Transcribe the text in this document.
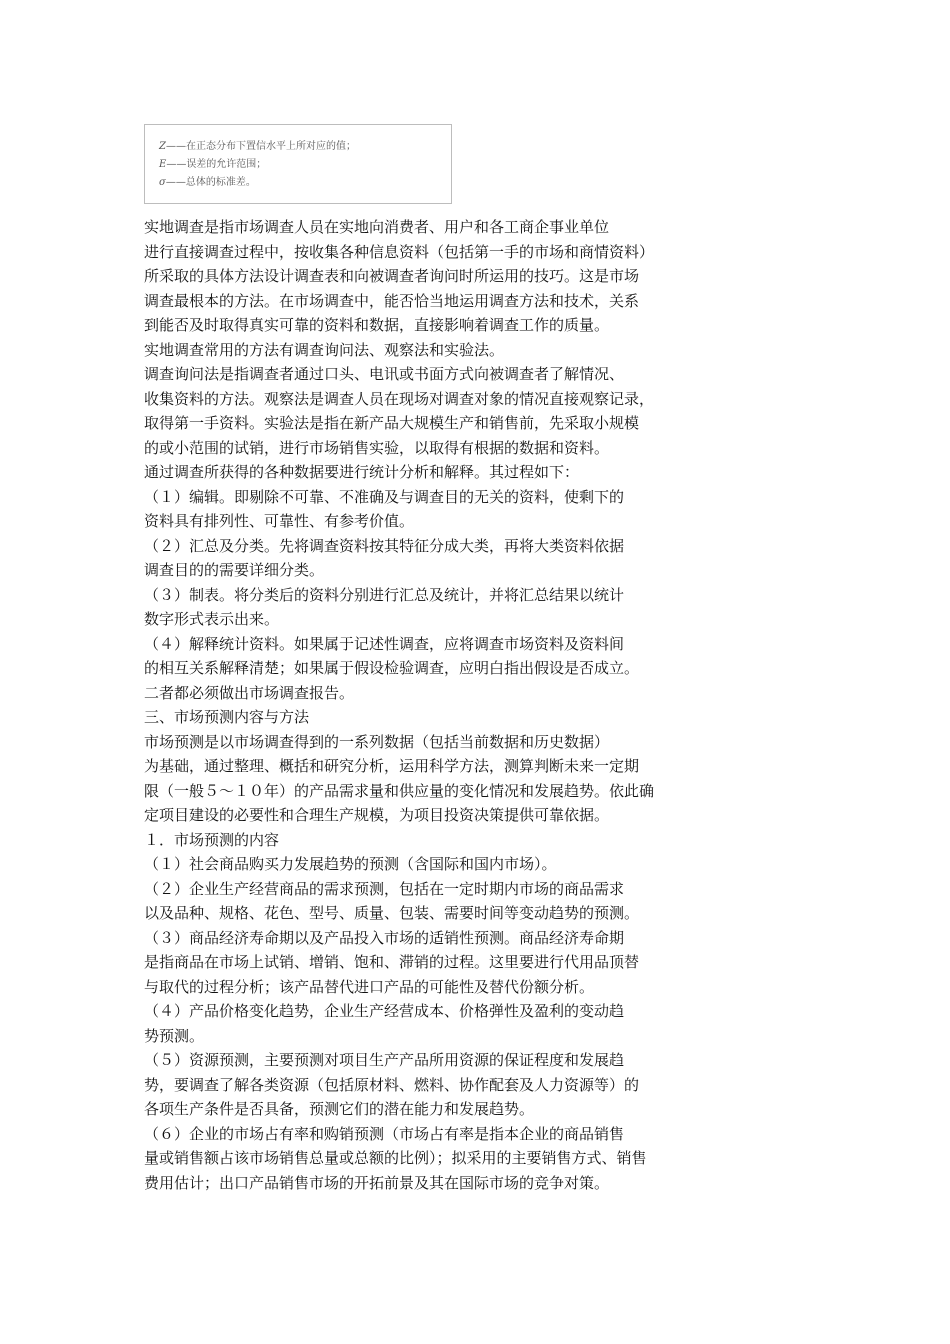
Z——在正态分布下置信水平上所对应的值；
E——误差的允许范围；
σ——总体的标准差。
实地调查是指市场调查人员在实地向消费者、用户和各工商企事业单位
进行直接调查过程中，按收集各种信息资料（包括第一手的市场和商情资料）
所采取的具体方法设计调查表和向被调查者询问时所运用的技巧。这是市场
调查最根本的方法。在市场调查中，能否恰当地运用调查方法和技术，关系
到能否及时取得真实可靠的资料和数据，直接影响着调查工作的质量。
实地调查常用的方法有调查询问法、观察法和实验法。
调查询问法是指调查者通过口头、电讯或书面方式向被调查者了解情况、
收集资料的方法。观察法是调查人员在现场对调查对象的情况直接观察记录，
取得第一手资料。实验法是指在新产品大规模生产和销售前，先采取小规模
的或小范围的试销，进行市场销售实验，以取得有根据的数据和资料。
通过调查所获得的各种数据要进行统计分析和解释。其过程如下：
（１）编辑。即剔除不可靠、不准确及与调查目的无关的资料，使剩下的
资料具有排列性、可靠性、有参考价值。
（２）汇总及分类。先将调查资料按其特征分成大类，再将大类资料依据
调查目的的需要详细分类。
（３）制表。将分类后的资料分别进行汇总及统计，并将汇总结果以统计
数字形式表示出来。
（４）解释统计资料。如果属于记述性调查，应将调查市场资料及资料间
的相互关系解释清楚；如果属于假设检验调查，应明白指出假设是否成立。
二者都必须做出市场调查报告。
三、市场预测内容与方法
市场预测是以市场调查得到的一系列数据（包括当前数据和历史数据）
为基础，通过整理、概括和研究分析，运用科学方法，测算判断未来一定期
限（一般５～１０年）的产品需求量和供应量的变化情况和发展趋势。依此确
定项目建设的必要性和合理生产规模，为项目投资决策提供可靠依据。
１．市场预测的内容
（１）社会商品购买力发展趋势的预测（含国际和国内市场）。
（２）企业生产经营商品的需求预测，包括在一定时期内市场的商品需求
以及品种、规格、花色、型号、质量、包装、需要时间等变动趋势的预测。
（３）商品经济寿命期以及产品投入市场的适销性预测。商品经济寿命期
是指商品在市场上试销、增销、饱和、滞销的过程。这里要进行代用品顶替
与取代的过程分析；该产品替代进口产品的可能性及替代份额分析。
（４）产品价格变化趋势，企业生产经营成本、价格弹性及盈利的变动趋
势预测。
（５）资源预测，主要预测对项目生产产品所用资源的保证程度和发展趋
势，要调查了解各类资源（包括原材料、燃料、协作配套及人力资源等）的
各项生产条件是否具备，预测它们的潜在能力和发展趋势。
（６）企业的市场占有率和购销预测（市场占有率是指本企业的商品销售
量或销售额占该市场销售总量或总额的比例）；拟采用的主要销售方式、销售
费用估计；出口产品销售市场的开拓前景及其在国际市场的竞争对策。
